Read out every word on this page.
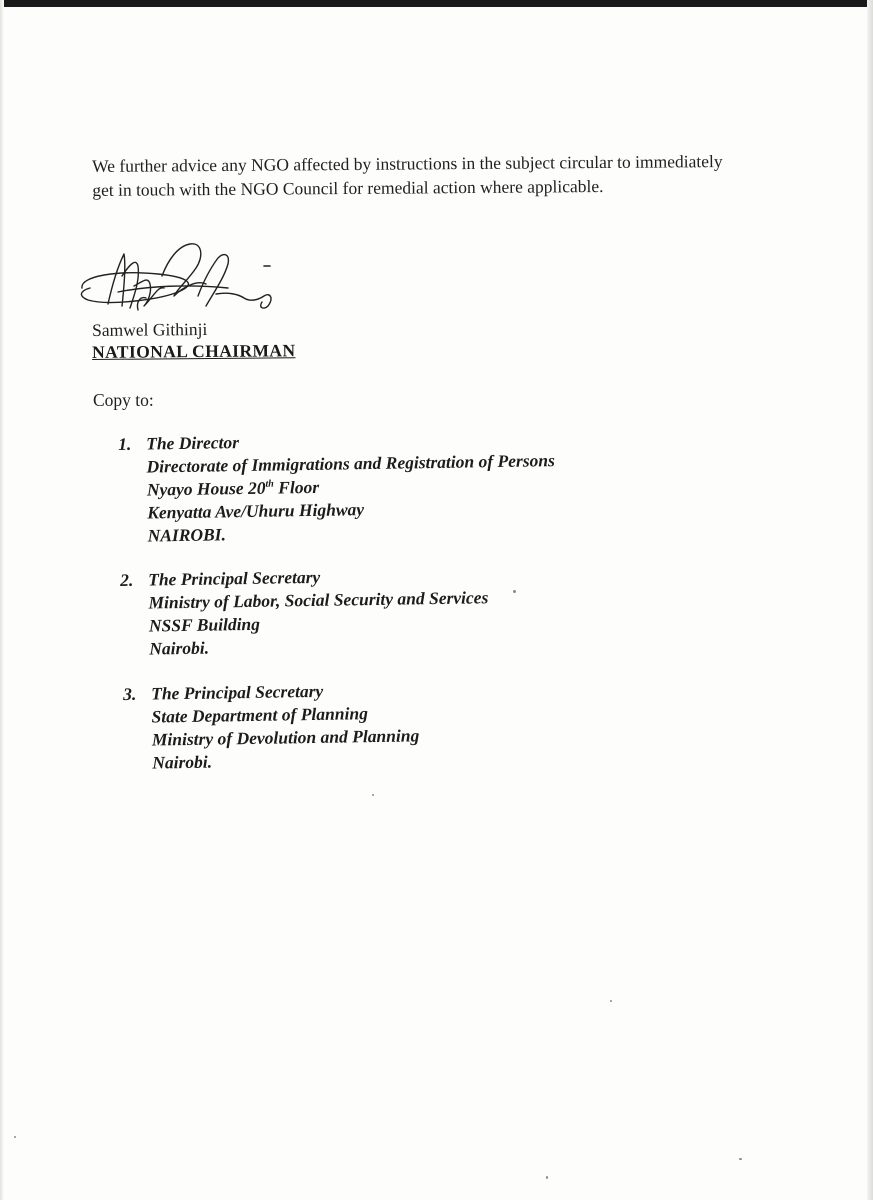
We further advice any NGO affected by instructions in the subject circular to immediately get in touch with the NGO Council for remedial action where applicable.

Samwel Githinji
NATIONAL CHAIRMAN
Copy to:
1. The Director
Directorate of Immigrations and Registration of Persons
Nyayo House 20th Floor
Kenyatta Ave/Uhuru Highway
NAIROBI.
2. The Principal Secretary
Ministry of Labor, Social Security and Services
NSSF Building
Nairobi.
3. The Principal Secretary
State Department of Planning
Ministry of Devolution and Planning
Nairobi.
